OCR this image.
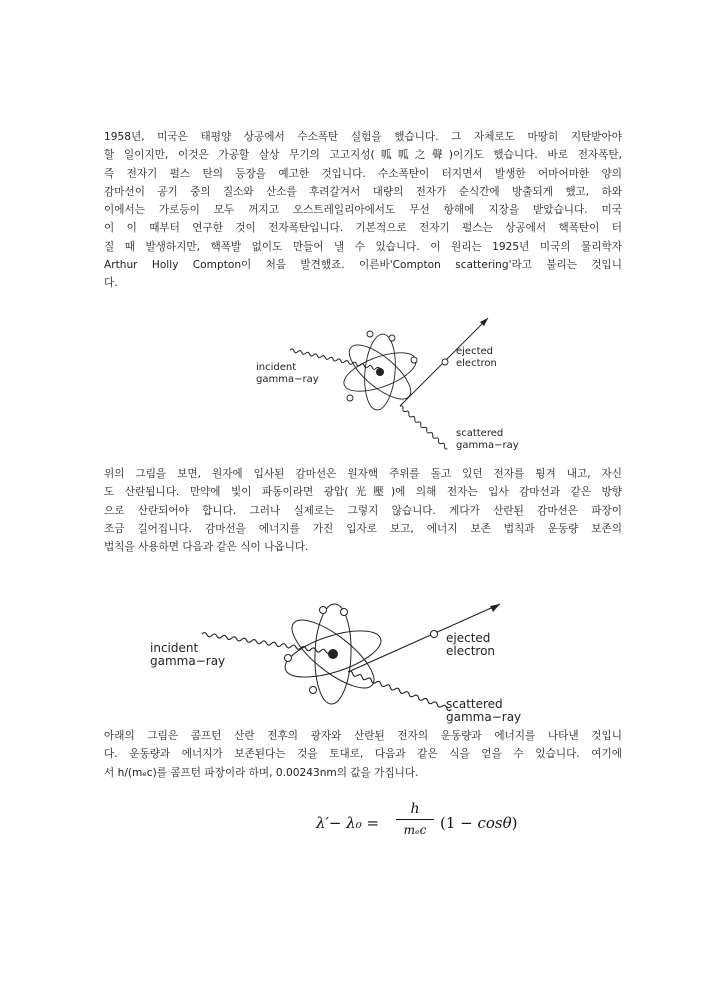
1958년, 미국은 태평양 상공에서 수소폭탄 실험을 했습니다. 그 자체로도 마땅히 지탄받아야
할 일이지만, 이것은 가공할 살상 무기의 고고지성(呱呱之聲)이기도 했습니다. 바로 전자폭탄,
즉 전자기 펄스 탄의 등장을 예고한 것입니다. 수소폭탄이 터지면서 발생한 어마어마한 양의
감마선이 공기 중의 질소와 산소를 후려갈겨서 대량의 전자가 순식간에 방출되게 했고, 하와
이에서는 가로등이 모두 꺼지고 오스트레일리아에서도 무선 항해에 지장을 받았습니다. 미국
이 이 때부터 연구한 것이 전자폭탄입니다. 기본적으로 전자기 펄스는 상공에서 핵폭탄이 터
질 때 발생하지만, 핵폭발 없이도 만들어 낼 수 있습니다. 이 원리는 1925년 미국의 물리학자
Arthur Holly Compton이 처음 발견했죠. 이른바'Compton scattering'라고 불리는 것입니
다.
incident
gamma−ray
ejected
electron
scattered
gamma−ray
위의 그림을 보면, 원자에 입사된 감마선은 원자핵 주위를 돌고 있던 전자를 튕겨 내고, 자신
도 산란됩니다. 만약에 빛이 파동이라면 광압(光壓)에 의해 전자는 입사 감마선과 같은 방향
으로 산란되어야 합니다. 그러나 실제로는 그렇지 않습니다. 게다가 산란된 감마선은 파장이
조금 길어집니다. 감마선을 에너지를 가진 입자로 보고, 에너지 보존 법칙과 운동량 보존의
법칙을 사용하면 다음과 같은 식이 나옵니다.
incident
gamma−ray
ejected
electron
scattered
gamma−ray
아래의 그림은 콤프턴 산란 전후의 광자와 산란된 전자의 운동량과 에너지를 나타낸 것입니
다. 운동량과 에너지가 보존된다는 것을 토대로, 다음과 같은 식을 얻을 수 있습니다. 여기에
서 h/(mₑc)를 콤프턴 파장이라 하며, 0.00243nm의 값을 가집니다.
λ′− λ₀ =
h
mₑc (1 − cosθ)
